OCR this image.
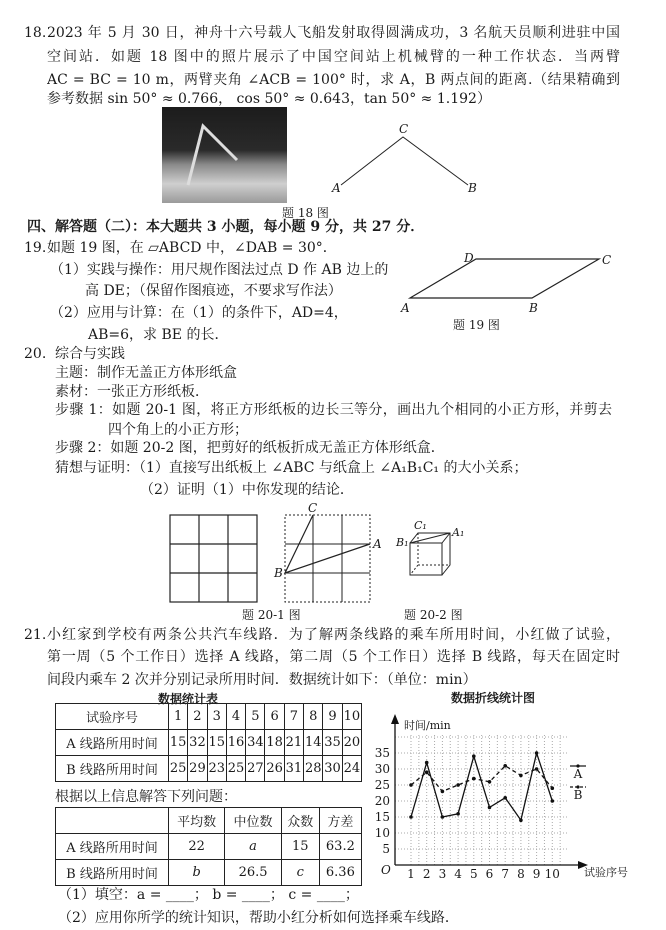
18. 2023 年 5 月 30 日，神舟十六号载人飞船发射取得圆满成功，3 名航天员顺利进驻中国
空间站．如题 18 图中的照片展示了中国空间站上机械臂的一种工作状态．当两臂
AC = BC = 10 m，两臂夹角 ∠ACB = 100° 时，求 A，B 两点间的距离.（结果精确到
参考数据 sin 50° ≈ 0.766， cos 50° ≈ 0.643，tan 50° ≈ 1.192）
题 18 图
四、解答题（二）：本大题共 3 小题，每小题 9 分，共 27 分．
19. 如题 19 图，在 ▱ABCD 中，∠DAB = 30°．
（1）实践与操作：用尺规作图法过点 D 作 AB 边上的
高 DE；（保留作图痕迹，不要求写作法）
（2）应用与计算：在（1）的条件下，AD=4，
AB=6，求 BE 的长．
题 19 图
20. 综合与实践
主题：制作无盖正方体形纸盒
素材：一张正方形纸板．
步骤 1：如题 20-1 图，将正方形纸板的边长三等分，画出九个相同的小正方形，并剪去
四个角上的小正方形；
步骤 2：如题 20-2 图，把剪好的纸板折成无盖正方体形纸盒．
猜想与证明：（1）直接写出纸板上 ∠ABC 与纸盒上 ∠A₁B₁C₁ 的大小关系；
（2）证明（1）中你发现的结论．
题 20-1 图	题 20-2 图
21. 小红家到学校有两条公共汽车线路．为了解两条线路的乘车所用时间，小红做了试验，
第一周（5 个工作日）选择 A 线路，第二周（5 个工作日）选择 B 线路，每天在固定时
间段内乘车 2 次并分别记录所用时间．数据统计如下：（单位：min）
数据统计表
试验序号	1	2	3	4	5	6	7	8	9	10
A 线路所用时间	15	32	15	16	34	18	21	14	35	20
B 线路所用时间	25	29	23	25	27	26	31	28	30	24
根据以上信息解答下列问题：
	平均数	中位数	众数	方差
A 线路所用时间	22	a	15	63.2
B 线路所用时间	b	26.5	c	6.36
（1）填空：a = ____； b = ____； c = ____；
（2）应用你所学的统计知识，帮助小红分析如何选择乘车线路．
C
A	B
A	B
C
D
C
A
B
C₁
A₁
B₁
数据折线统计图
时间/min
试验序号
O
5
10
15
20
25
30
35
1 2 3 4 5 6 7 8 9 10
A
B
